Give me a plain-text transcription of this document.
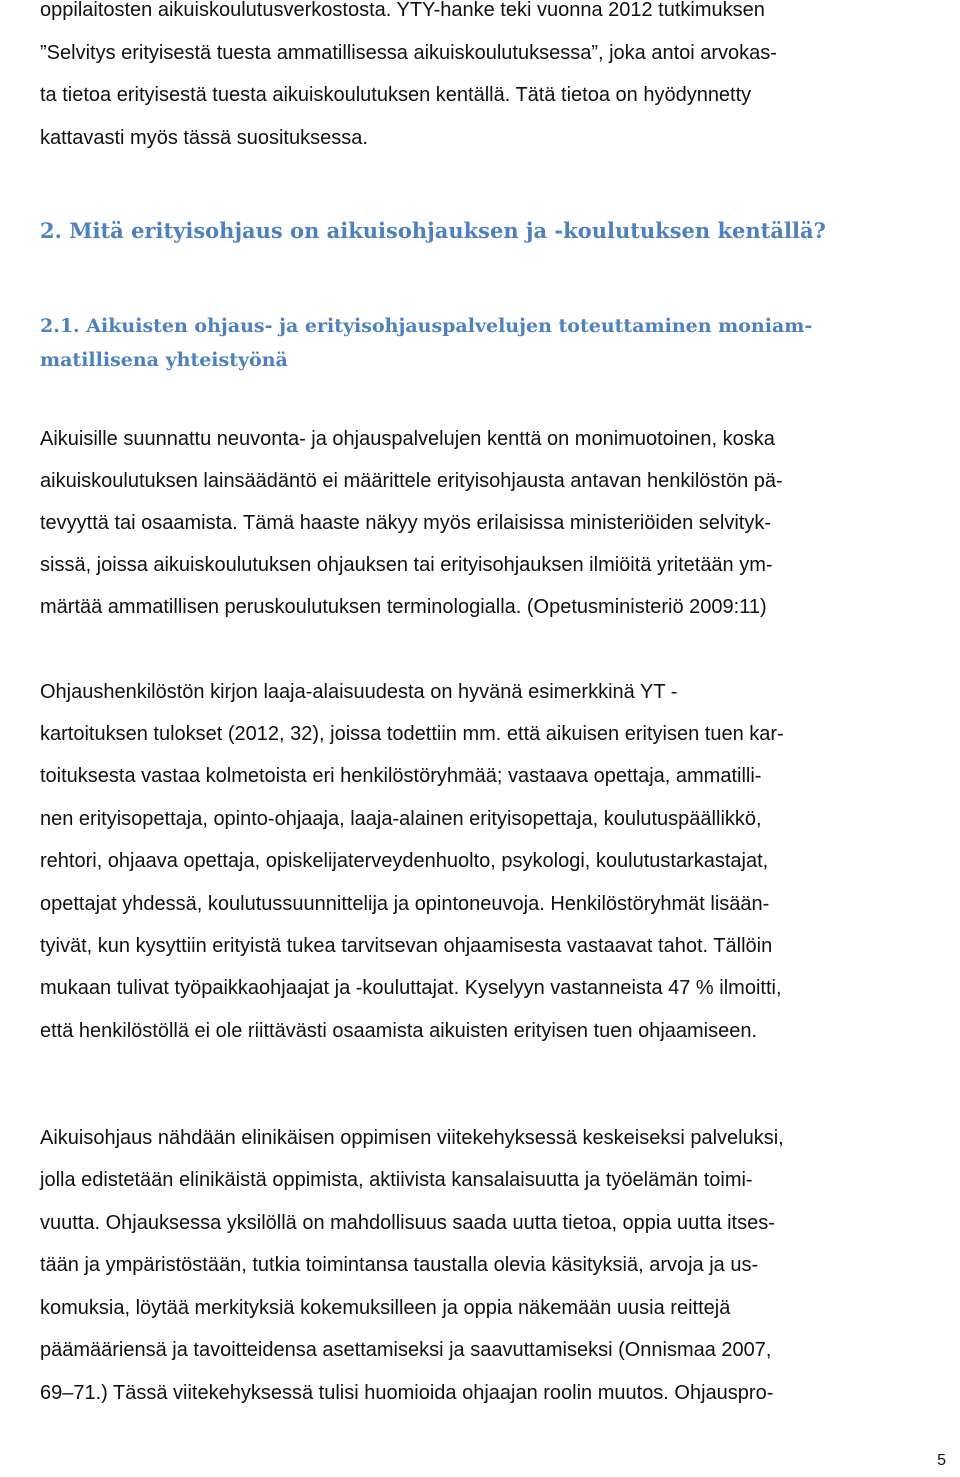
oppilaitosten aikuiskoulutusverkostosta. YTY-hanke teki vuonna 2012 tutkimuksen
”Selvitys erityisestä tuesta ammatillisessa aikuiskoulutuksessa”, joka antoi arvokas-
ta tietoa erityisestä tuesta aikuiskoulutuksen kentällä. Tätä tietoa on hyödynnetty
kattavasti myös tässä suosituksessa.
2. Mitä erityisohjaus on aikuisohjauksen ja -koulutuksen kentällä?
2.1. Aikuisten ohjaus- ja erityisohjauspalvelujen toteuttaminen moniam-
matillisena yhteistyönä
Aikuisille suunnattu neuvonta- ja ohjauspalvelujen kenttä on monimuotoinen, koska
aikuiskoulutuksen lainsäädäntö ei määrittele erityisohjausta antavan henkilöstön pä-
tevyyttä tai osaamista. Tämä haaste näkyy myös erilaisissa ministeriöiden selvityk-
sissä, joissa aikuiskoulutuksen ohjauksen tai erityisohjauksen ilmiöitä yritetään ym-
märtää ammatillisen peruskoulutuksen terminologialla. (Opetusministeriö 2009:11)
Ohjaushenkilöstön kirjon laaja-alaisuudesta on hyvänä esimerkkinä YT -
kartoituksen tulokset (2012, 32), joissa todettiin mm. että aikuisen erityisen tuen kar-
toituksesta vastaa kolmetoista eri henkilöstöryhmää; vastaava opettaja, ammatilli-
nen erityisopettaja, opinto-ohjaaja, laaja-alainen erityisopettaja, koulutuspäällikkö,
rehtori, ohjaava opettaja, opiskelijaterveydenhuolto, psykologi, koulutustarkastajat,
opettajat yhdessä, koulutussuunnittelija ja opintoneuvoja. Henkilöstöryhmät lisään-
tyivät, kun kysyttiin erityistä tukea tarvitsevan ohjaamisesta vastaavat tahot. Tällöin
mukaan tulivat työpaikkaohjaajat ja -kouluttajat. Kyselyyn vastanneista 47 % ilmoitti,
että henkilöstöllä ei ole riittävästi osaamista aikuisten erityisen tuen ohjaamiseen.
Aikuisohjaus nähdään elinikäisen oppimisen viitekehyksessä keskeiseksi palveluksi,
jolla edistetään elinikäistä oppimista, aktiivista kansalaisuutta ja työelämän toimi-
vuutta. Ohjauksessa yksilöllä on mahdollisuus saada uutta tietoa, oppia uutta itses-
tään ja ympäristöstään, tutkia toimintansa taustalla olevia käsityksiä, arvoja ja us-
komuksia, löytää merkityksiä kokemuksilleen ja oppia näkemään uusia reittejä
päämääriensä ja tavoitteidensa asettamiseksi ja saavuttamiseksi (Onnismaa 2007,
69–71.) Tässä viitekehyksessä tulisi huomioida ohjaajan roolin muutos. Ohjauspro-
5
